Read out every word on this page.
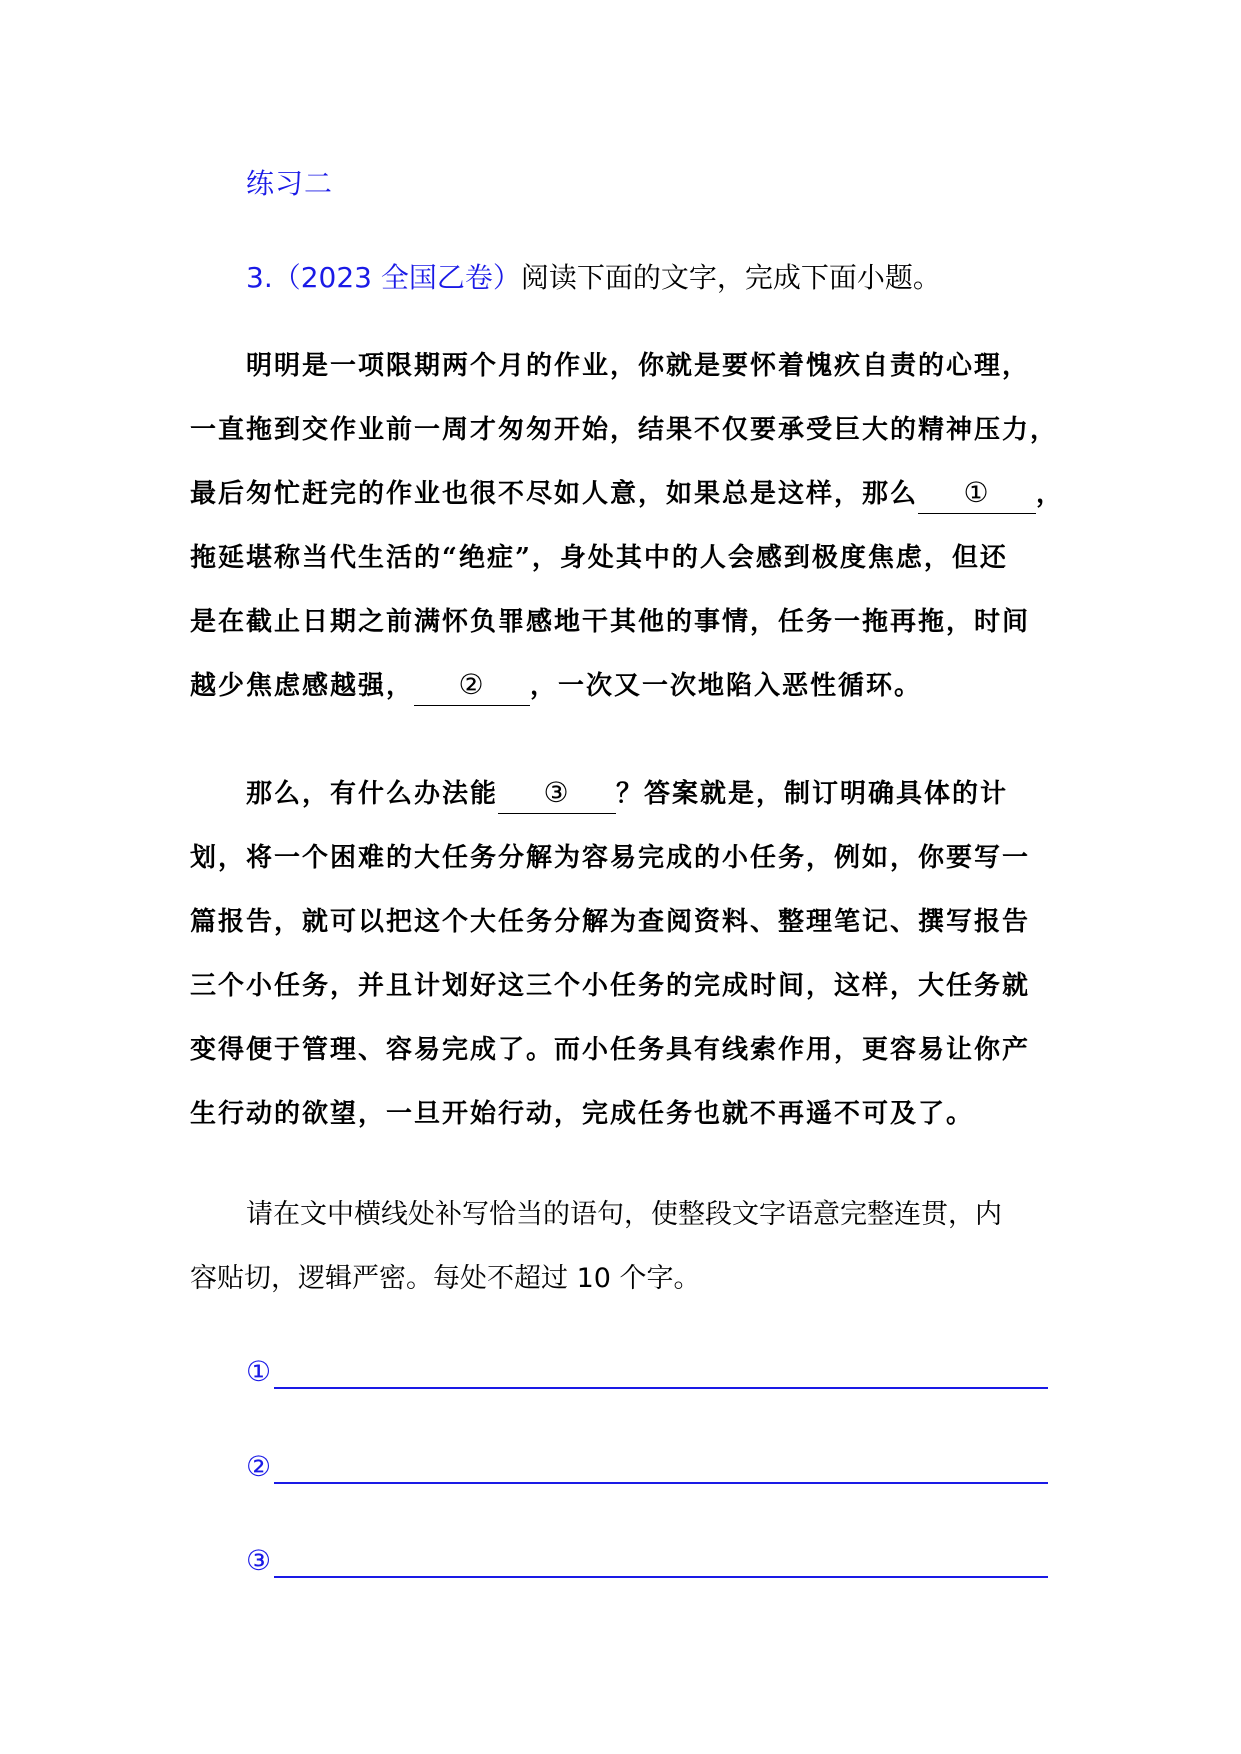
练习二
3.（2023 全国乙卷）阅读下面的文字，完成下面小题。
明明是一项限期两个月的作业，你就是要怀着愧疚自责的心理，
一直拖到交作业前一周才匆匆开始，结果不仅要承受巨大的精神压力，
最后匆忙赶完的作业也很不尽如人意，如果总是这样，那么 ① ，
拖延堪称当代生活的“绝症”，身处其中的人会感到极度焦虑，但还
是在截止日期之前满怀负罪感地干其他的事情，任务一拖再拖，时间
越少焦虑感越强， ② ，一次又一次地陷入恶性循环。
那么，有什么办法能 ③ ？答案就是，制订明确具体的计
划，将一个困难的大任务分解为容易完成的小任务，例如，你要写一
篇报告，就可以把这个大任务分解为查阅资料、整理笔记、撰写报告
三个小任务，并且计划好这三个小任务的完成时间，这样，大任务就
变得便于管理、容易完成了。而小任务具有线索作用，更容易让你产
生行动的欲望，一旦开始行动，完成任务也就不再遥不可及了。
请在文中横线处补写恰当的语句，使整段文字语意完整连贯，内
容贴切，逻辑严密。每处不超过 10 个字。
①
②
③
